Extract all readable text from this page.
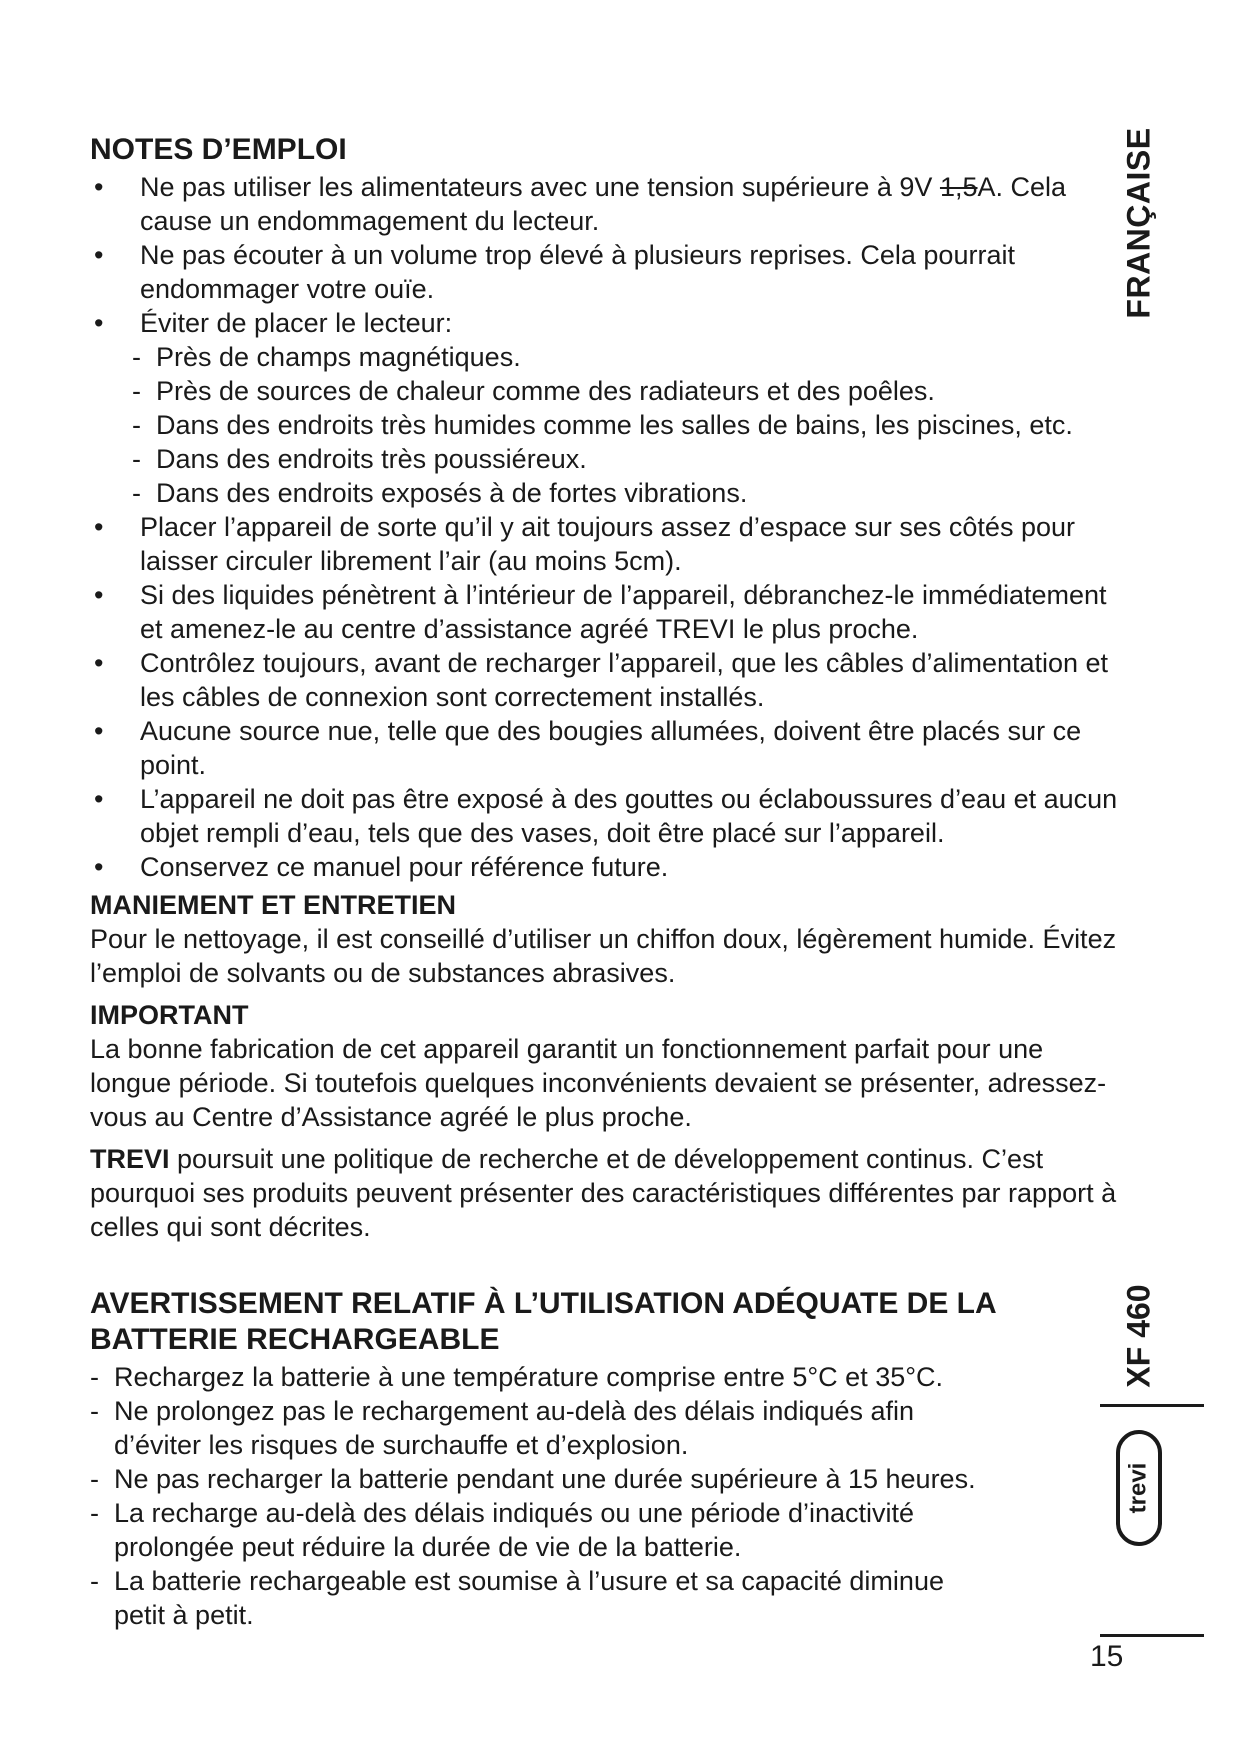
FRANÇAISE
XF 460
trevi
15
NOTES D’EMPLOI
• Ne pas utiliser les alimentateurs avec une tension supérieure à 9V 1,5A. Cela cause un endommagement du lecteur.
• Ne pas écouter à un volume trop élevé à plusieurs reprises. Cela pourrait endommager votre ouïe.
• Éviter de placer le lecteur:
- Près de champs magnétiques.
- Près de sources de chaleur comme des radiateurs et des poêles.
- Dans des endroits très humides comme les salles de bains, les piscines, etc.
- Dans des endroits très poussiéreux.
- Dans des endroits exposés à de fortes vibrations.
• Placer l’appareil de sorte qu’il y ait toujours assez d’espace sur ses côtés pour laisser circuler librement l’air (au moins 5cm).
• Si des liquides pénètrent à l’intérieur de l’appareil, débranchez-le immédiatement et amenez-le au centre d’assistance agréé TREVI le plus proche.
• Contrôlez toujours, avant de recharger l’appareil, que les câbles d’alimentation et les câbles de connexion sont correctement installés.
• Aucune source nue, telle que des bougies allumées, doivent être placés sur ce point.
• L’appareil ne doit pas être exposé à des gouttes ou éclaboussures d’eau et aucun objet rempli d’eau, tels que des vases, doit être placé sur l’appareil.
• Conservez ce manuel pour référence future.
MANIEMENT ET ENTRETIEN

Pour le nettoyage, il est conseillé d’utiliser un chiffon doux, légèrement humide. Évitez l’emploi de solvants ou de substances abrasives.

IMPORTANT

La bonne fabrication de cet appareil garantit un fonctionnement parfait pour une longue période. Si toutefois quelques inconvénients devaient se présenter, adressez-vous au Centre d’Assistance agréé le plus proche.

TREVI poursuit une politique de recherche et de développement continus. C’est pourquoi ses produits peuvent présenter des caractéristiques différentes par rapport à celles qui sont décrites.

AVERTISSEMENT RELATIF À L’UTILISATION ADÉQUATE DE LA BATTERIE RECHARGEABLE
- Rechargez la batterie à une température comprise entre 5°C et 35°C.
- Ne prolongez pas le rechargement au-delà des délais indiqués afin d’éviter les risques de surchauffe et d’explosion.
- Ne pas recharger la batterie pendant une durée supérieure à 15 heures.
- La recharge au-delà des délais indiqués ou une période d’inactivité prolongée peut réduire la durée de vie de la batterie.
- La batterie rechargeable est soumise à l’usure et sa capacité diminue petit à petit.
